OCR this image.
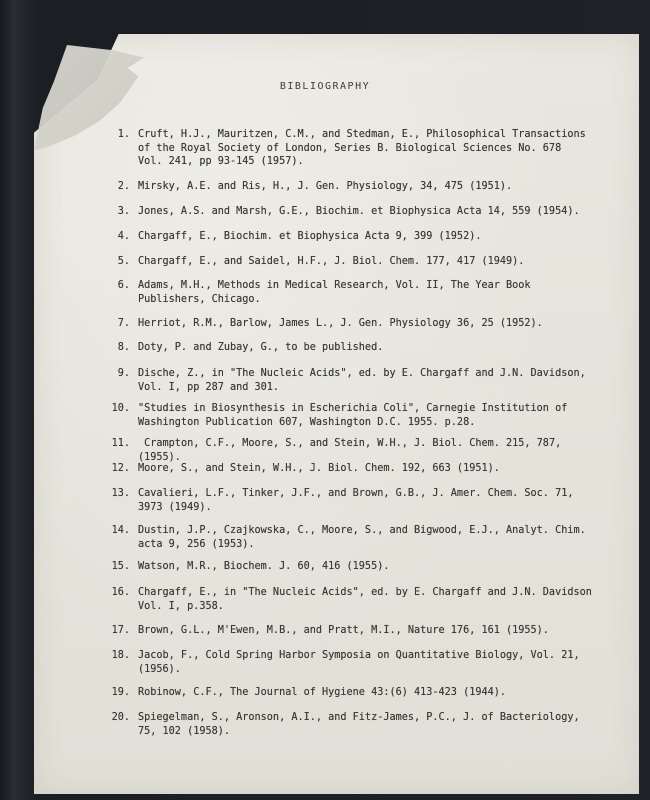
BIBLIOGRAPHY
1. Cruft, H.J., Mauritzen, C.M., and Stedman, E., Philosophical Transactions
of the Royal Society of London, Series B. Biological Sciences No. 678
Vol. 241, pp 93-145 (1957).
2. Mirsky, A.E. and Ris, H., J. Gen. Physiology, 34, 475 (1951).
3. Jones, A.S. and Marsh, G.E., Biochim. et Biophysica Acta 14, 559 (1954).
4. Chargaff, E., Biochim. et Biophysica Acta 9, 399 (1952).
5. Chargaff, E., and Saidel, H.F., J. Biol. Chem. 177, 417 (1949).
6. Adams, M.H., Methods in Medical Research, Vol. II, The Year Book
Publishers, Chicago.
7. Herriot, R.M., Barlow, James L., J. Gen. Physiology 36, 25 (1952).
8. Doty, P. and Zubay, G., to be published.
9. Dische, Z., in "The Nucleic Acids", ed. by E. Chargaff and J.N. Davidson,
Vol. I, pp 287 and 301.
10. "Studies in Biosynthesis in Escherichia Coli", Carnegie Institution of
Washington Publication 607, Washington D.C. 1955. p.28.
11. Crampton, C.F., Moore, S., and Stein, W.H., J. Biol. Chem. 215, 787, (1955).
12. Moore, S., and Stein, W.H., J. Biol. Chem. 192, 663 (1951).
13. Cavalieri, L.F., Tinker, J.F., and Brown, G.B., J. Amer. Chem. Soc. 71,
3973 (1949).
14. Dustin, J.P., Czajkowska, C., Moore, S., and Bigwood, E.J., Analyt. Chim.
acta 9, 256 (1953).
15. Watson, M.R., Biochem. J. 60, 416 (1955).
16. Chargaff, E., in "The Nucleic Acids", ed. by E. Chargaff and J.N. Davidson
Vol. I, p.358.
17. Brown, G.L., M'Ewen, M.B., and Pratt, M.I., Nature 176, 161 (1955).
18. Jacob, F., Cold Spring Harbor Symposia on Quantitative Biology, Vol. 21,
(1956).
19. Robinow, C.F., The Journal of Hygiene 43:(6) 413-423 (1944).
20. Spiegelman, S., Aronson, A.I., and Fitz-James, P.C., J. of Bacteriology,
75, 102 (1958).
